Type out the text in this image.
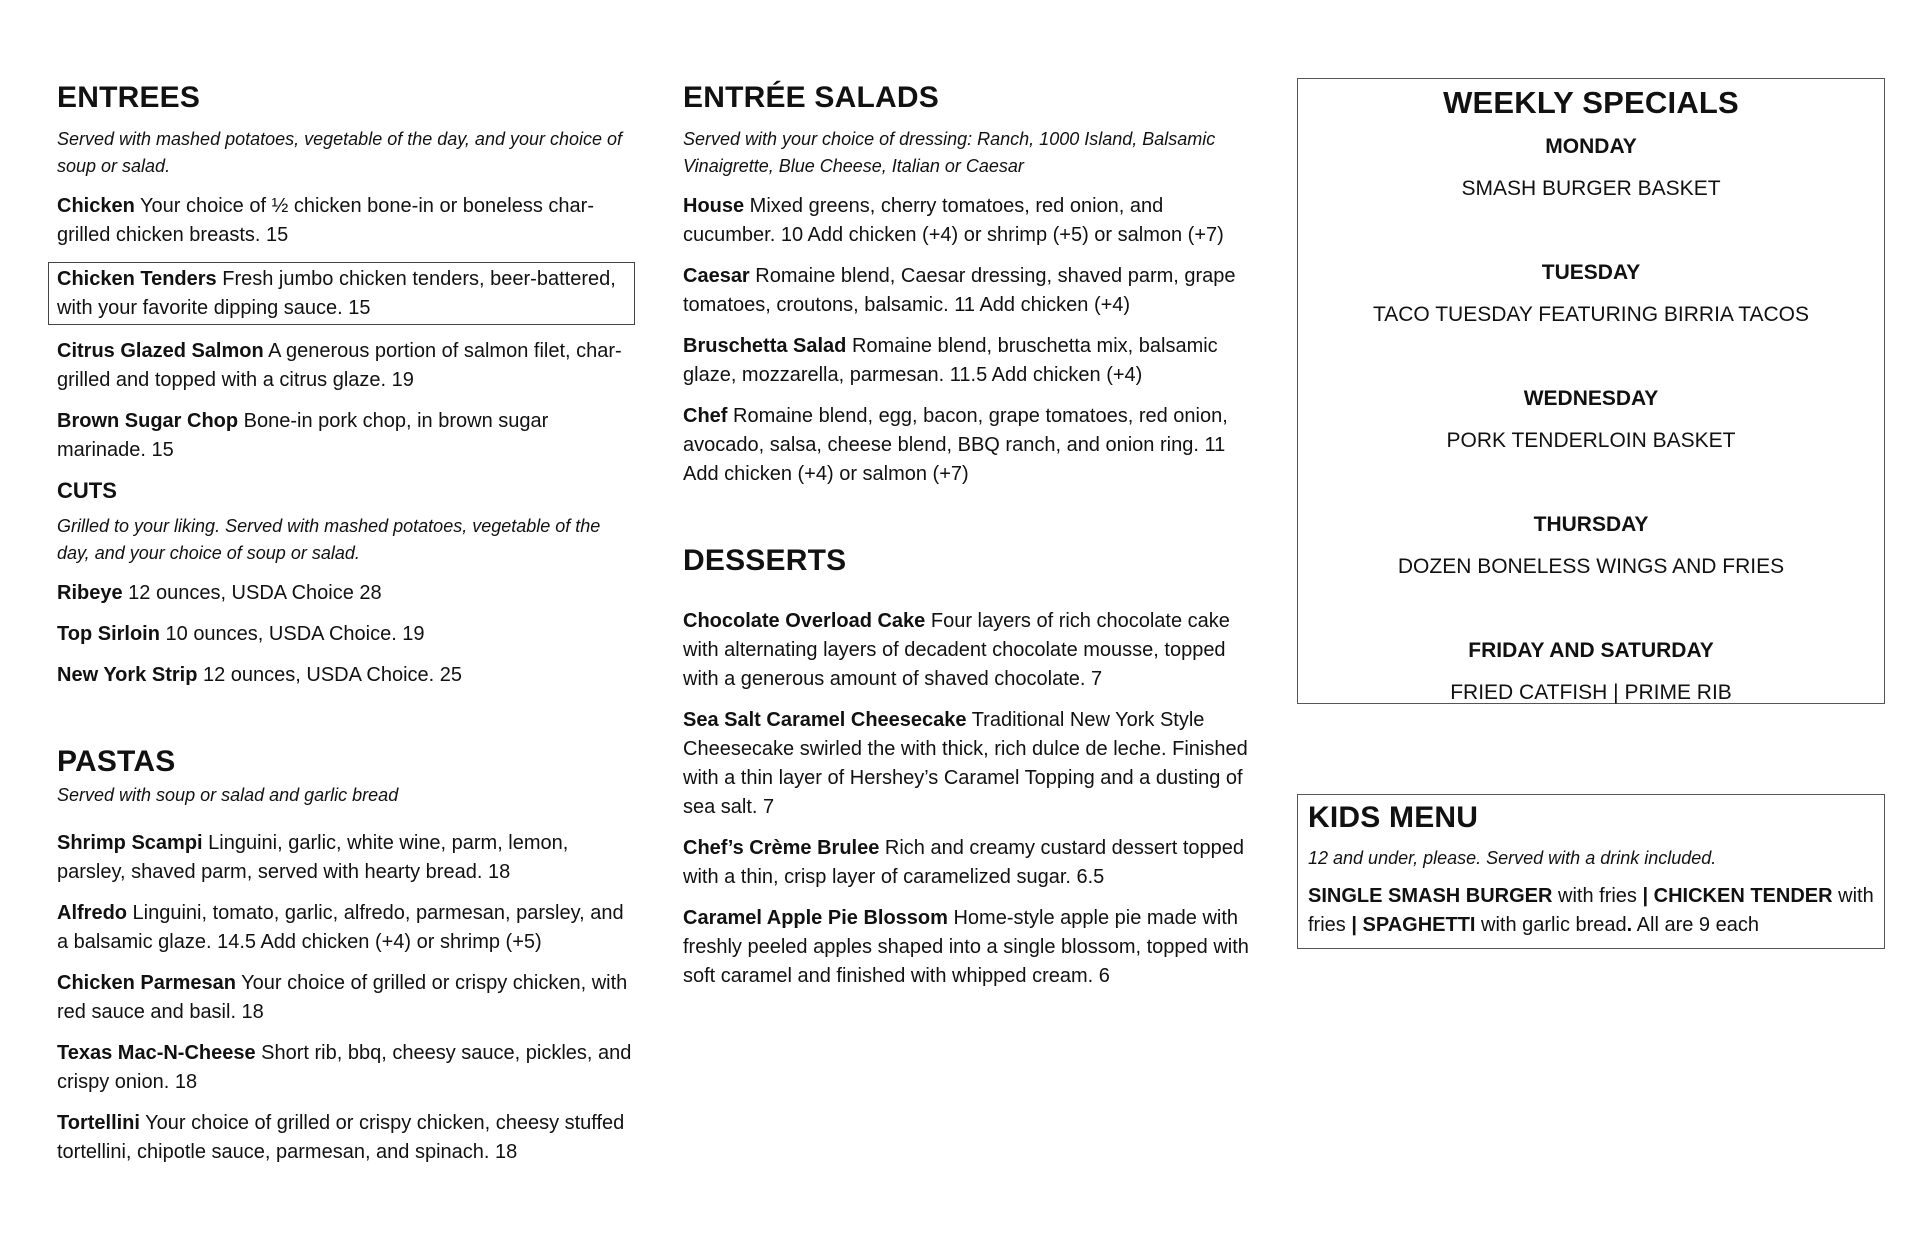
ENTREES

Served with mashed potatoes, vegetable of the day, and your choice of soup or salad.

Chicken Your choice of ½ chicken bone-in or boneless char-grilled chicken breasts. 15

Chicken Tenders Fresh jumbo chicken tenders, beer-battered, with your favorite dipping sauce. 15

Citrus Glazed Salmon A generous portion of salmon filet, char-grilled and topped with a citrus glaze. 19

Brown Sugar Chop Bone-in pork chop, in brown sugar marinade. 15

CUTS

Grilled to your liking. Served with mashed potatoes, vegetable of the day, and your choice of soup or salad.

Ribeye 12 ounces, USDA Choice 28

Top Sirloin 10 ounces, USDA Choice. 19

New York Strip 12 ounces, USDA Choice. 25

PASTAS

Served with soup or salad and garlic bread

Shrimp Scampi Linguini, garlic, white wine, parm, lemon, parsley, shaved parm, served with hearty bread. 18

Alfredo Linguini, tomato, garlic, alfredo, parmesan, parsley, and a balsamic glaze. 14.5 Add chicken (+4) or shrimp (+5)

Chicken Parmesan Your choice of grilled or crispy chicken, with red sauce and basil. 18

Texas Mac-N-Cheese Short rib, bbq, cheesy sauce, pickles, and crispy onion. 18

Tortellini Your choice of grilled or crispy chicken, cheesy stuffed tortellini, chipotle sauce, parmesan, and spinach. 18

ENTRÉE SALADS

Served with your choice of dressing: Ranch, 1000 Island, Balsamic Vinaigrette, Blue Cheese, Italian or Caesar

House Mixed greens, cherry tomatoes, red onion, and cucumber. 10 Add chicken (+4) or shrimp (+5) or salmon (+7)

Caesar Romaine blend, Caesar dressing, shaved parm, grape tomatoes, croutons, balsamic. 11 Add chicken (+4)

Bruschetta Salad Romaine blend, bruschetta mix, balsamic glaze, mozzarella, parmesan. 11.5 Add chicken (+4)

Chef Romaine blend, egg, bacon, grape tomatoes, red onion, avocado, salsa, cheese blend, BBQ ranch, and onion ring. 11 Add chicken (+4) or salmon (+7)

DESSERTS

Chocolate Overload Cake Four layers of rich chocolate cake with alternating layers of decadent chocolate mousse, topped with a generous amount of shaved chocolate. 7

Sea Salt Caramel Cheesecake Traditional New York Style Cheesecake swirled the with thick, rich dulce de leche. Finished with a thin layer of Hershey’s Caramel Topping and a dusting of sea salt. 7

Chef’s Crème Brulee Rich and creamy custard dessert topped with a thin, crisp layer of caramelized sugar. 6.5

Caramel Apple Pie Blossom Home-style apple pie made with freshly peeled apples shaped into a single blossom, topped with soft caramel and finished with whipped cream. 6

WEEKLY SPECIALS
MONDAY
SMASH BURGER BASKET
TUESDAY
TACO TUESDAY FEATURING BIRRIA TACOS
WEDNESDAY
PORK TENDERLOIN BASKET
THURSDAY
DOZEN BONELESS WINGS AND FRIES
FRIDAY AND SATURDAY
FRIED CATFISH | PRIME RIB
KIDS MENU

12 and under, please. Served with a drink included.

SINGLE SMASH BURGER with fries | CHICKEN TENDER with fries | SPAGHETTI with garlic bread. All are 9 each
